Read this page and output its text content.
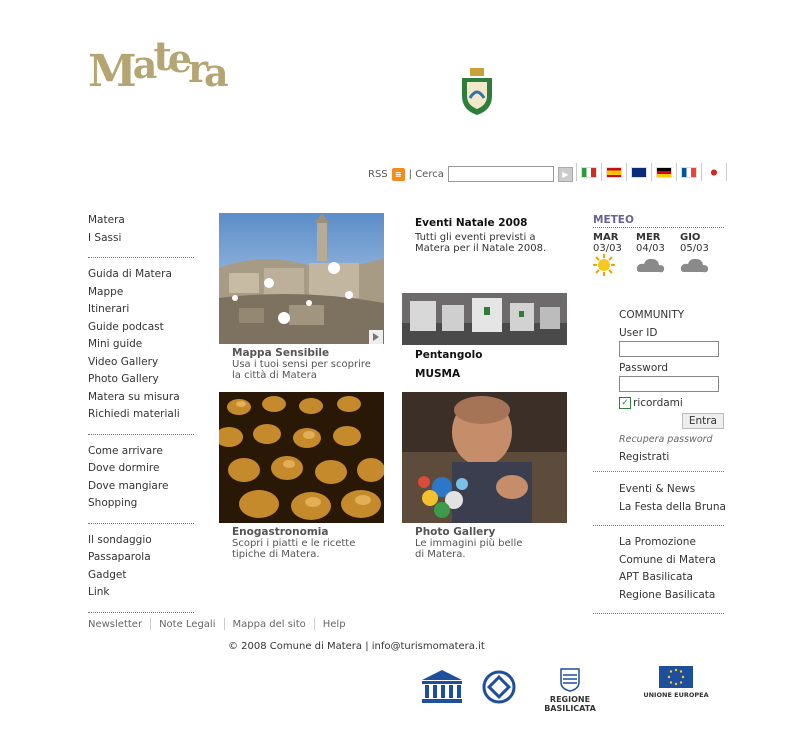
Matera
RSS ≡ | Cerca	▶
Matera
I Sassi
Guida di Matera
Mappe
Itinerari
Guide podcast
Mini guide
Video Gallery
Photo Gallery
Matera su misura
Richiedi materiali
Come arrivare
Dove dormire
Dove mangiare
Shopping
Il sondaggio
Passaparola
Gadget
Link
Mappa Sensibile
Usa i tuoi sensi per scoprire
la città di Matera
Eventi Natale 2008
Tutti gli eventi previsti a
Matera per il Natale 2008.
Pentangolo
MUSMA
Enogastronomia
Scopri i piatti e le ricette
tipiche di Matera.
Photo Gallery
Le immagini più belle
di Matera.
METEO
MAR
03/03
MER
04/03
GIO
05/03
COMMUNITY
User ID
Password
✓ ricordami
Entra
Recupera password
Registrati
Eventi & News
La Festa della Bruna
La Promozione
Comune di Matera
APT Basilicata
Regione Basilicata
Newsletter Note Legali Mappa del sito Help
© 2008 Comune di Matera | info@turismomatera.it
REGIONE BASILICATA
UNIONE EUROPEA
